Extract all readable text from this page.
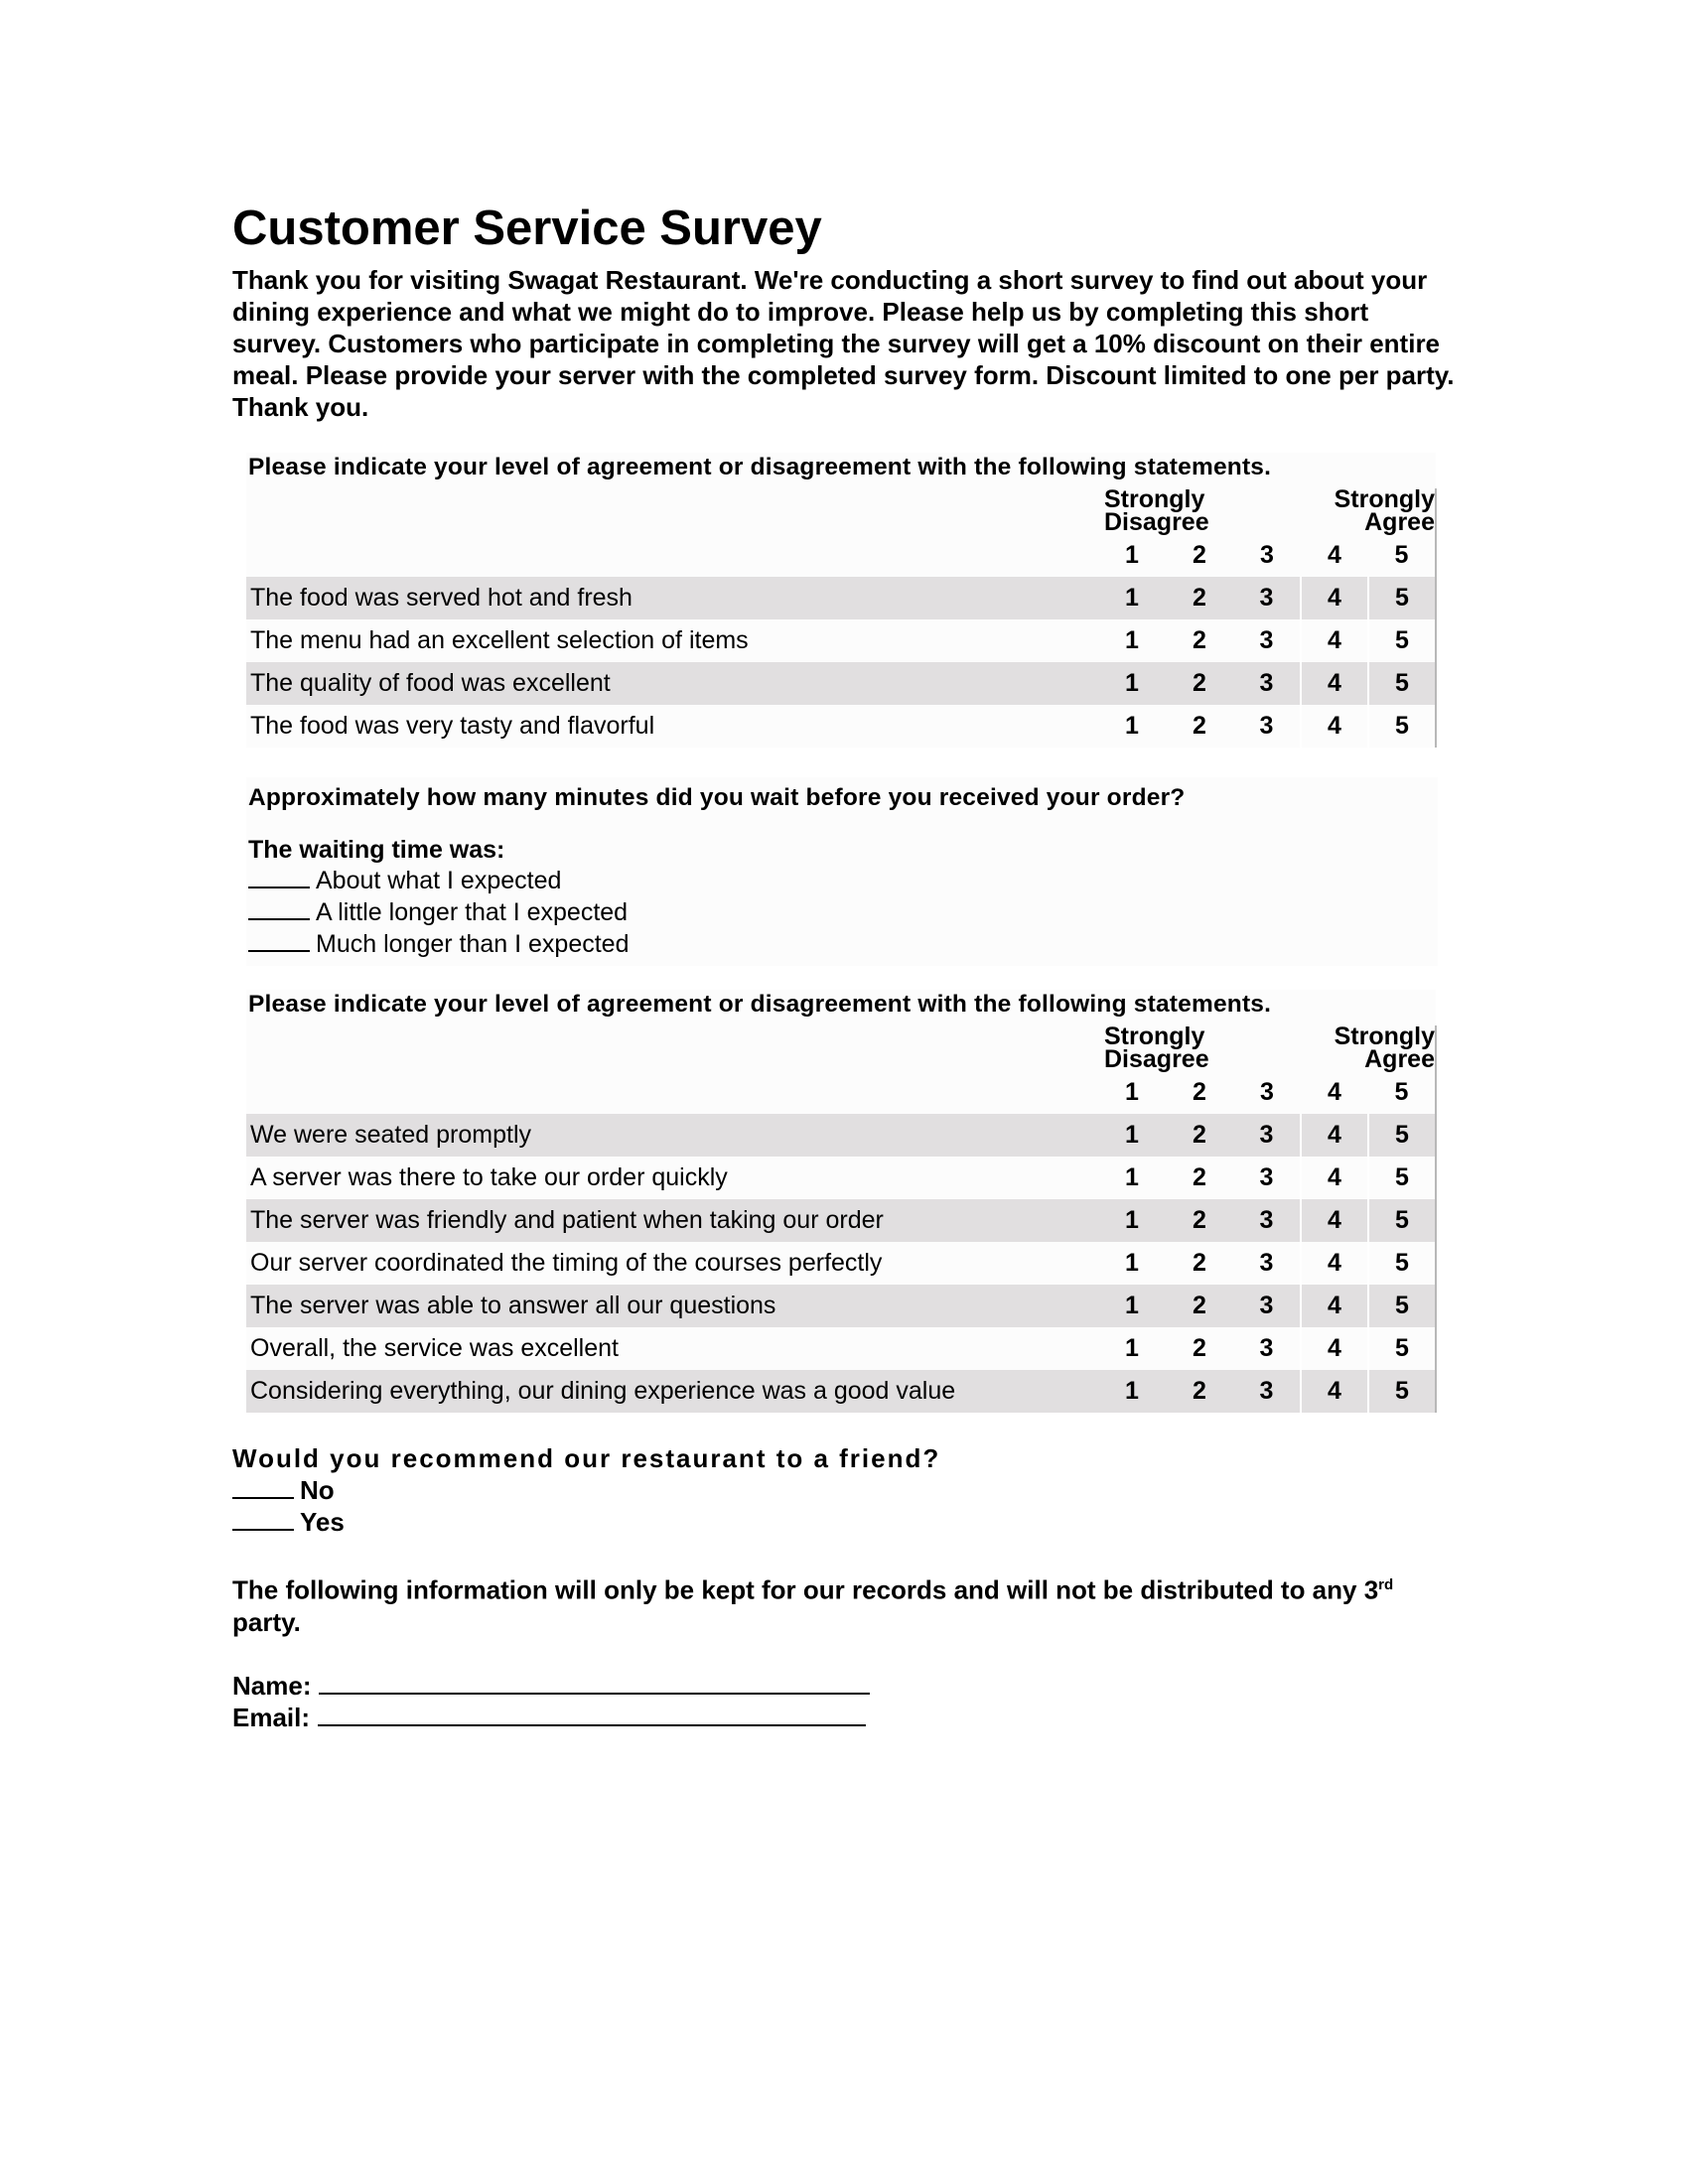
Customer Service Survey

Thank you for visiting Swagat Restaurant. We're conducting a short survey to find out about your dining experience and what we might do to improve. Please help us by completing this short survey. Customers who participate in completing the survey will get a 10% discount on their entire meal. Please provide your server with the completed survey form. Discount limited to one per party. Thank you.

Please indicate your level of agreement or disagreement with the following statements.

	Strongly
Disagree			Strongly
Agree	
	1	2	3	4	5
The food was served hot and fresh	1	2	3	4	5
The menu had an excellent selection of items	1	2	3	4	5
The quality of food was excellent	1	2	3	4	5
The food was very tasty and flavorful	1	2	3	4	5
Approximately how many minutes did you wait before you received your order?
The waiting time was:
About what I expected
A little longer that I expected
Much longer than I expected
Please indicate your level of agreement or disagreement with the following statements.

	Strongly
Disagree			Strongly
Agree	
	1	2	3	4	5
We were seated promptly	1	2	3	4	5
A server was there to take our order quickly	1	2	3	4	5
The server was friendly and patient when taking our order	1	2	3	4	5
Our server coordinated the timing of the courses perfectly	1	2	3	4	5
The server was able to answer all our questions	1	2	3	4	5
Overall, the service was excellent	1	2	3	4	5
Considering everything, our dining experience was a good value	1	2	3	4	5
Would you recommend our restaurant to a friend?
No
Yes
The following information will only be kept for our records and will not be distributed to any 3rd party.
Name:
Email:
